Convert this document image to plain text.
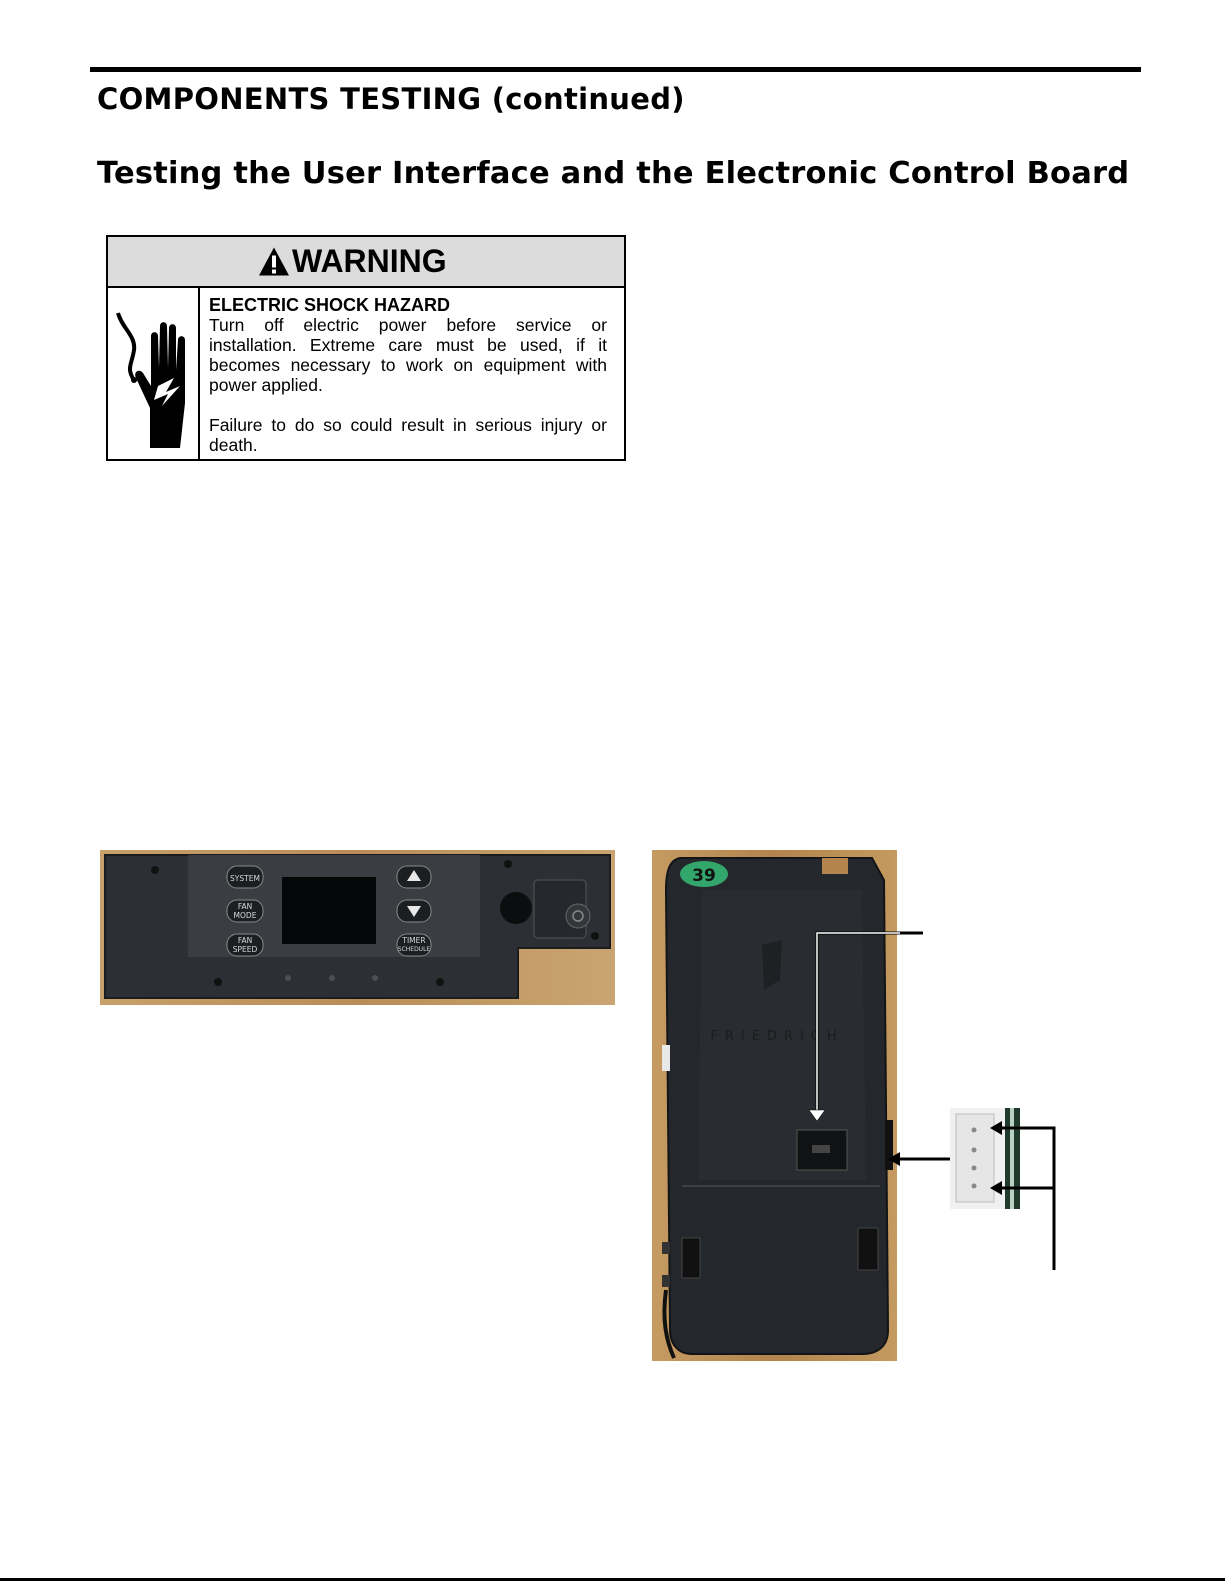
COMPONENTS TESTING (continued)
Testing the User Interface and the Electronic Control Board
WARNING
ELECTRIC SHOCK HAZARD

Turn off electric power before service or installation. Extreme care must be used, if it becomes necessary to work on equipment with power applied.

Failure to do so could result in serious injury or death.

SYSTEM
FAN
MODE
FAN
SPEED
TIMER
SCHEDULE
39
FRIEDRICH
